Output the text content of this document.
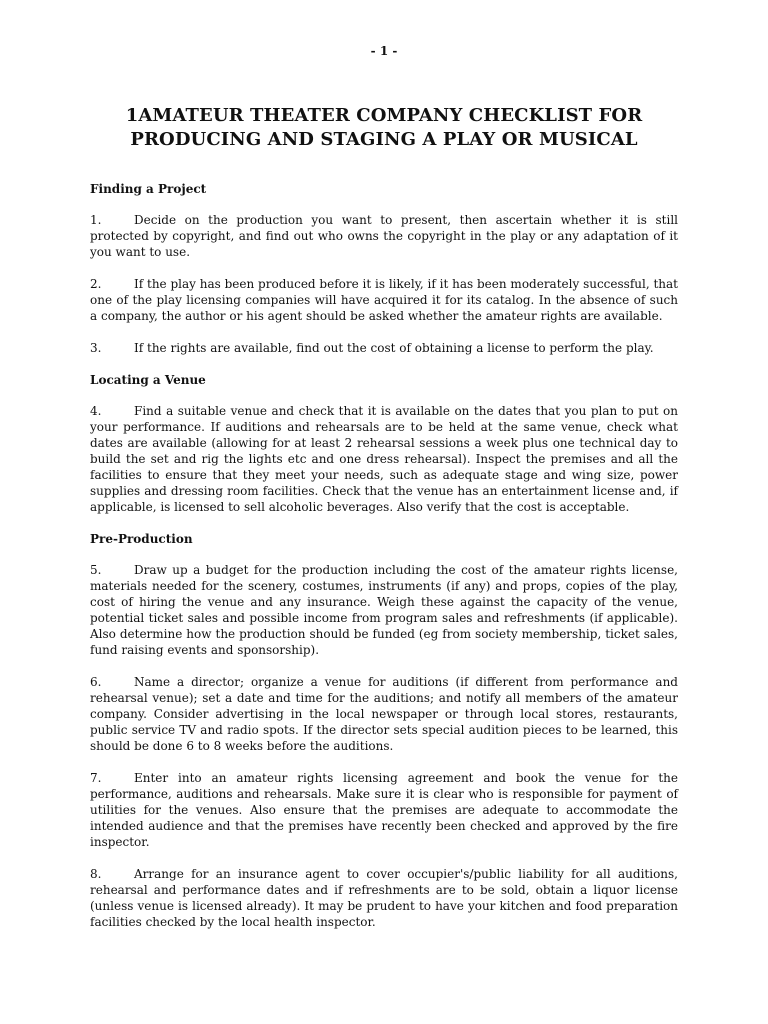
- 1 -
1AMATEUR THEATER COMPANY CHECKLIST FOR PRODUCING AND STAGING A PLAY OR MUSICAL
Finding a Project

1.	Decide on the production you want to present, then ascertain whether it is still protected by copyright, and find out who owns the copyright in the play or any adaptation of it you want to use.

2.	If the play has been produced before it is likely, if it has been moderately successful, that one of the play licensing companies will have acquired it for its catalog. In the absence of such a company, the author or his agent should be asked whether the amateur rights are available.

3.	If the rights are available, find out the cost of obtaining a license to perform the play.

Locating a Venue

4.	Find a suitable venue and check that it is available on the dates that you plan to put on your performance. If auditions and rehearsals are to be held at the same venue, check what dates are available (allowing for at least 2 rehearsal sessions a week plus one technical day to build the set and rig the lights etc and one dress rehearsal). Inspect the premises and all the facilities to ensure that they meet your needs, such as adequate stage and wing size, power supplies and dressing room facilities. Check that the venue has an entertainment license and, if applicable, is licensed to sell alcoholic beverages. Also verify that the cost is acceptable.

Pre-Production

5.	Draw up a budget for the production including the cost of the amateur rights license, materials needed for the scenery, costumes, instruments (if any) and props, copies of the play, cost of hiring the venue and any insurance. Weigh these against the capacity of the venue, potential ticket sales and possible income from program sales and refreshments (if applicable). Also determine how the production should be funded (eg from society membership, ticket sales, fund raising events and sponsorship).

6.	Name a director; organize a venue for auditions (if different from performance and rehearsal venue); set a date and time for the auditions; and notify all members of the amateur company. Consider advertising in the local newspaper or through local stores, restaurants, public service TV and radio spots. If the director sets special audition pieces to be learned, this should be done 6 to 8 weeks before the auditions.

7.	Enter into an amateur rights licensing agreement and book the venue for the performance, auditions and rehearsals. Make sure it is clear who is responsible for payment of utilities for the venues. Also ensure that the premises are adequate to accommodate the intended audience and that the premises have recently been checked and approved by the fire inspector.

8.	Arrange for an insurance agent to cover occupier's/public liability for all auditions, rehearsal and performance dates and if refreshments are to be sold, obtain a liquor license (unless venue is licensed already). It may be prudent to have your kitchen and food preparation facilities checked by the local health inspector.
